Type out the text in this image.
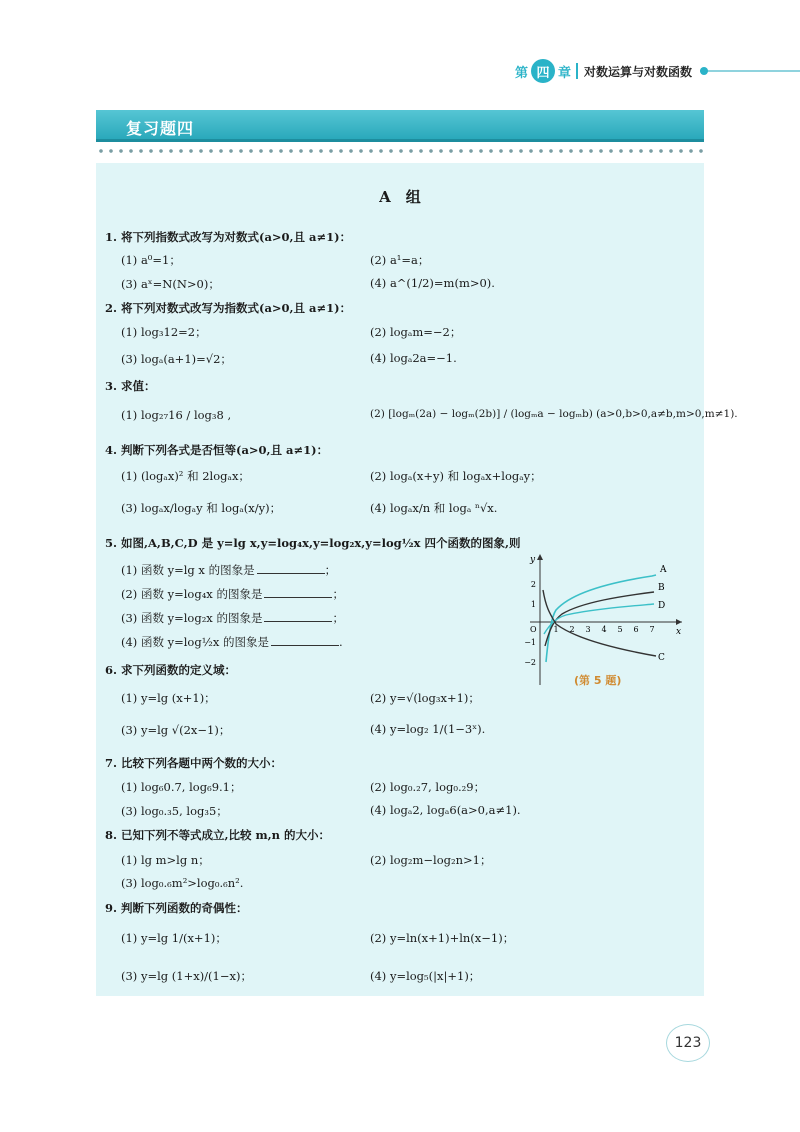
第 四 章 对数运算与对数函数
复习题四
A　组
1. 将下列指数式改写为对数式(a>0,且 a≠1)：
(1) a⁰=1；	(2) a¹=a；
(3) aˣ=N(N>0)；	(4) a^(1/2)=m(m>0).
2. 将下列对数式改写为指数式(a>0,且 a≠1)：
(1) log₃12=2；	(2) logₐm=−2；
(3) logₐ(a+1)=√2；	(4) logₐ2a=−1.
3. 求值：
(1) log₂₇16 / log₃8 ,	(2) [logₘ(2a) − logₘ(2b)] / (logₘa − logₘb) (a>0,b>0,a≠b,m>0,m≠1).
4. 判断下列各式是否恒等(a>0,且 a≠1)：
(1) (logₐx)² 和 2logₐx；	(2) logₐ(x+y) 和 logₐx+logₐy；
(3) logₐx/logₐy 和 logₐ(x/y)；	(4) logₐx/n 和 logₐ ⁿ√x.
5. 如图,A,B,C,D 是 y=lg x,y=log₄x,y=log₂x,y=log½x 四个函数的图象,则
(1) 函数 y=lg x 的图象是	；
(2) 函数 y=log₄x 的图象是	；
(3) 函数 y=log₂x 的图象是	；
(4) 函数 y=log½x 的图象是	.
y
x
O 1 2 3 4 5 6 7
2
1
−1
−2
A
B
D
C
(第 5 题)
6. 求下列函数的定义域：
(1) y=lg (x+1)；	(2) y=√(log₃x+1)；
(3) y=lg √(2x−1)；	(4) y=log₂ 1/(1−3ˣ).
7. 比较下列各题中两个数的大小：
(1) log₆0.7, log₆9.1；	(2) log₀.₂7, log₀.₂9；
(3) log₀.₃5, log₃5；	(4) logₐ2, logₐ6(a>0,a≠1).
8. 已知下列不等式成立,比较 m,n 的大小：
(1) lg m>lg n；	(2) log₂m−log₂n>1；
(3) log₀.₆m²>log₀.₆n².
9. 判断下列函数的奇偶性：
(1) y=lg 1/(x+1)；	(2) y=ln(x+1)+ln(x−1)；
(3) y=lg (1+x)/(1−x)；	(4) y=log₅(|x|+1)；
123
